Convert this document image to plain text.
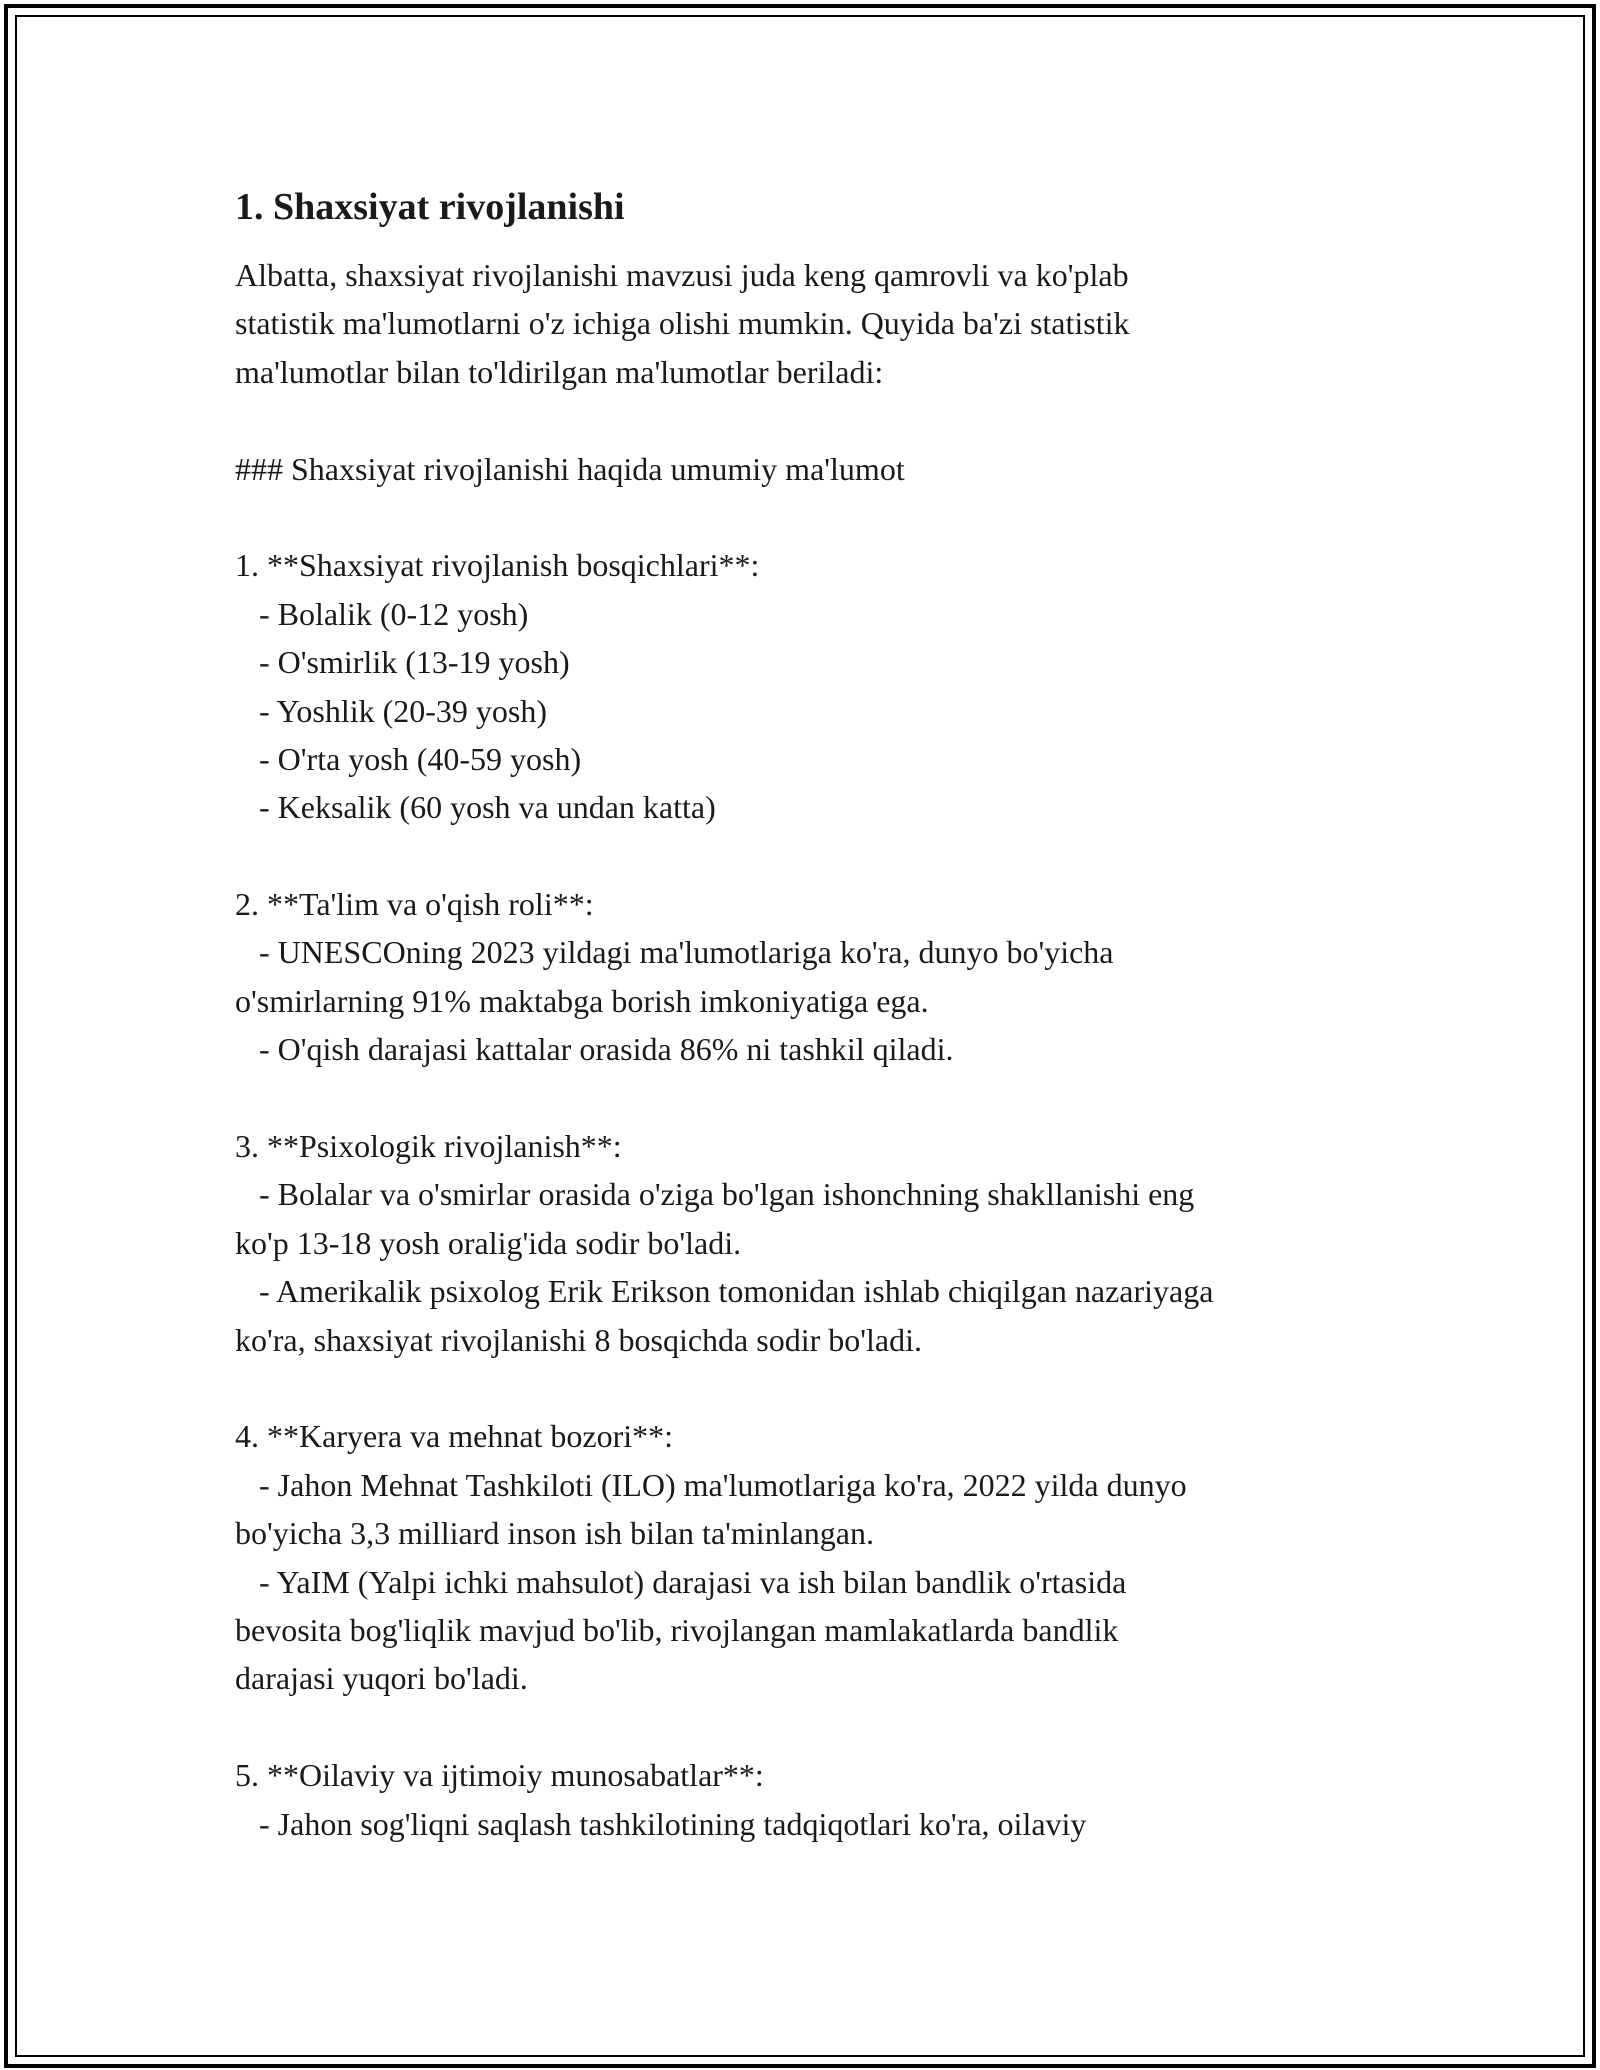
1. Shaxsiyat rivojlanishi

Albatta, shaxsiyat rivojlanishi mavzusi juda keng qamrovli va ko'plab

statistik ma'lumotlarni o'z ichiga olishi mumkin. Quyida ba'zi statistik

ma'lumotlar bilan to'ldirilgan ma'lumotlar beriladi:

### Shaxsiyat rivojlanishi haqida umumiy ma'lumot

1. **Shaxsiyat rivojlanish bosqichlari**:

- Bolalik (0-12 yosh)

- O'smirlik (13-19 yosh)

- Yoshlik (20-39 yosh)

- O'rta yosh (40-59 yosh)

- Keksalik (60 yosh va undan katta)

2. **Ta'lim va o'qish roli**:

- UNESCOning 2023 yildagi ma'lumotlariga ko'ra, dunyo bo'yicha

o'smirlarning 91% maktabga borish imkoniyatiga ega.

- O'qish darajasi kattalar orasida 86% ni tashkil qiladi.

3. **Psixologik rivojlanish**:

- Bolalar va o'smirlar orasida o'ziga bo'lgan ishonchning shakllanishi eng

ko'p 13-18 yosh oralig'ida sodir bo'ladi.

- Amerikalik psixolog Erik Erikson tomonidan ishlab chiqilgan nazariyaga

ko'ra, shaxsiyat rivojlanishi 8 bosqichda sodir bo'ladi.

4. **Karyera va mehnat bozori**:

- Jahon Mehnat Tashkiloti (ILO) ma'lumotlariga ko'ra, 2022 yilda dunyo

bo'yicha 3,3 milliard inson ish bilan ta'minlangan.

- YaIM (Yalpi ichki mahsulot) darajasi va ish bilan bandlik o'rtasida

bevosita bog'liqlik mavjud bo'lib, rivojlangan mamlakatlarda bandlik

darajasi yuqori bo'ladi.

5. **Oilaviy va ijtimoiy munosabatlar**:

- Jahon sog'liqni saqlash tashkilotining tadqiqotlari ko'ra, oilaviy
